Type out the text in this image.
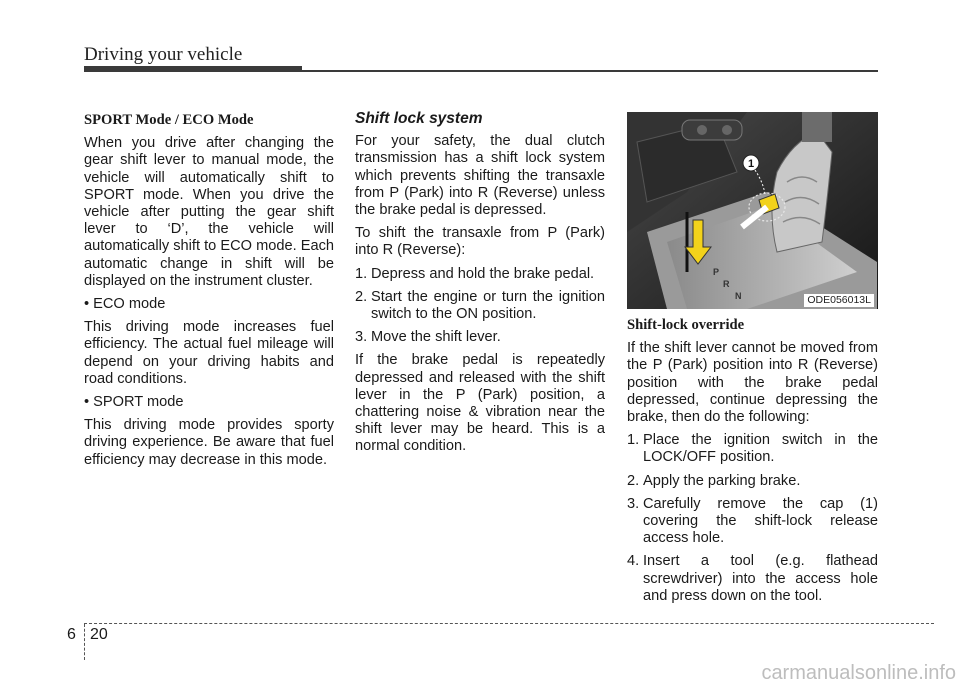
Driving your vehicle

SPORT Mode / ECO Mode

When you drive after changing the gear shift lever to manual mode, the vehicle will automatically shift to SPORT mode. When you drive the vehicle after putting the gear shift lever to ‘D’, the vehicle will automatically shift to ECO mode. Each automatic change in shift will be displayed on the instrument cluster.

• ECO mode

This driving mode increases fuel efficiency. The actual fuel mileage will depend on your driving habits and road conditions.

• SPORT mode

This driving mode provides sporty driving experience. Be aware that fuel efficiency may decrease in this mode.

Shift lock system

For your safety, the dual clutch transmission has a shift lock system which prevents shifting the transaxle from P (Park) into R (Reverse) unless the brake pedal is depressed.

To shift the transaxle from P (Park) into R (Reverse):

1. Depress and hold the brake pedal.
2. Start the engine or turn the ignition switch to the ON position.
3. Move the shift lever.

If the brake pedal is repeatedly depressed and released with the shift lever in the P (Park) position, a chattering noise & vibration near the shift lever may be heard. This is a normal condition.

P
R
N
1
ODE056013L

Shift-lock override

If the shift lever cannot be moved from the P (Park) position into R (Reverse) position with the brake pedal depressed, continue depressing the brake, then do the following:

1. Place the ignition switch in the LOCK/OFF position.
2. Apply the parking brake.
3. Carefully remove the cap (1) covering the shift-lock release access hole.
4. Insert a tool (e.g. flathead screwdriver) into the access hole and press down on the tool.
6 20
carmanualsonline.info
